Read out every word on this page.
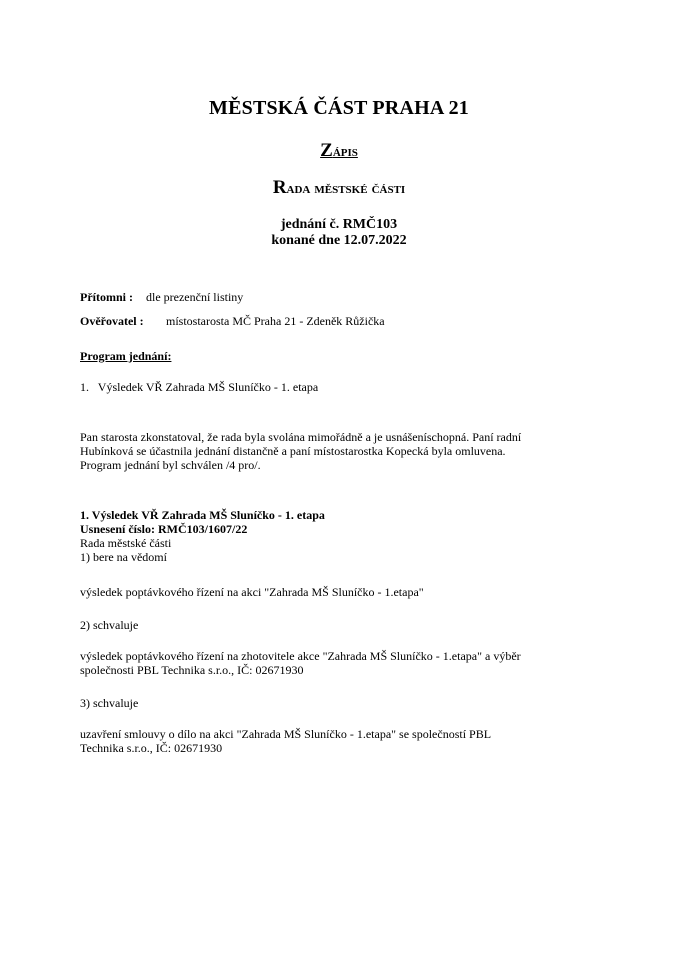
MĚSTSKÁ ČÁST PRAHA 21
Zápis
Rada městské části
jednání č. RMČ103
konané dne 12.07.2022
Přítomni : dle prezenční listiny
Ověřovatel : místostarosta MČ Praha 21 - Zdeněk Růžička
Program jednání:
1.   Výsledek VŘ Zahrada MŠ Sluníčko - 1. etapa
Pan starosta zkonstatoval, že rada byla svolána mimořádně a je usnášeníschopná. Paní radní
Hubínková se účastnila jednání distančně a paní místostarostka Kopecká byla omluvena.
Program jednání byl schválen /4 pro/.
1. Výsledek VŘ Zahrada MŠ Sluníčko - 1. etapa
Usnesení číslo: RMČ103/1607/22
Rada městské části
1) bere na vědomí
výsledek poptávkového řízení na akci "Zahrada MŠ Sluníčko - 1.etapa"
2) schvaluje
výsledek poptávkového řízení na zhotovitele akce "Zahrada MŠ Sluníčko - 1.etapa" a výběr
společnosti PBL Technika s.r.o., IČ: 02671930
3) schvaluje
uzavření smlouvy o dílo na akci "Zahrada MŠ Sluníčko - 1.etapa" se společností PBL
Technika s.r.o., IČ: 02671930
